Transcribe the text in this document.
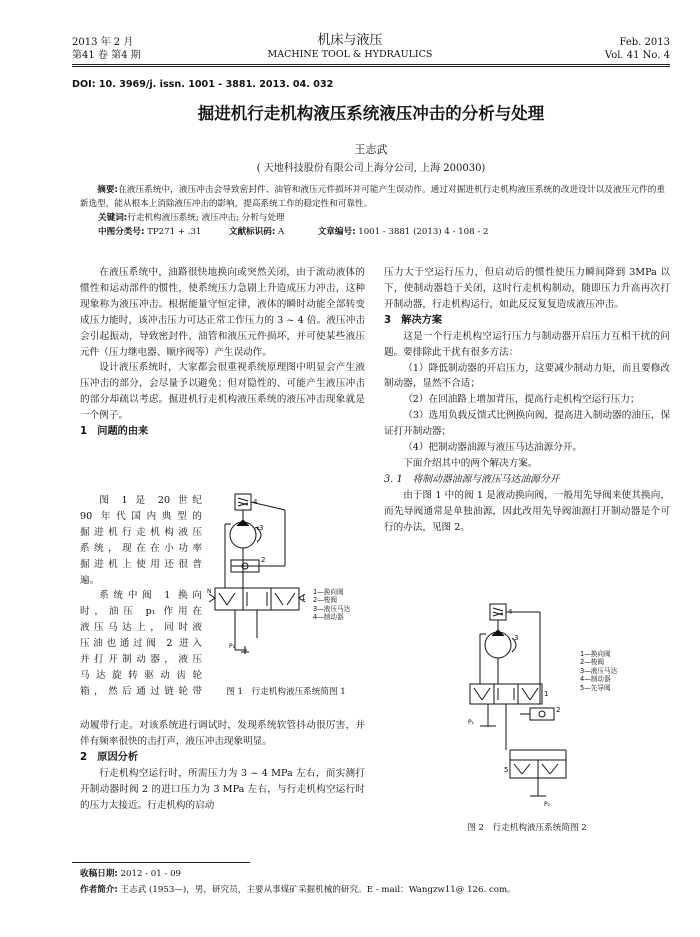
2013 年 2 月
第41 卷 第4 期
机床与液压
MACHINE TOOL & HYDRAULICS
Feb. 2013
Vol. 41 No. 4
DOI: 10. 3969/j. issn. 1001 - 3881. 2013. 04. 032
掘进机行走机构液压系统液压冲击的分析与处理
王志武
( 天地科技股份有限公司上海分公司, 上海 200030)
摘要:在液压系统中，液压冲击会导致密封件、油管和液压元件损坏并可能产生误动作。通过对掘进机行走机构液压系统的改进设计以及液压元件的重新选型，能从根本上消除液压冲击的影响，提高系统工作的稳定性和可靠性。
关键词:行走机构液压系统; 液压冲击; 分析与处理
中图分类号: TP271 + .31	文献标识码: A	文章编号: 1001 - 3881 (2013) 4 - 108 - 2

在液压系统中，油路很快地换向或突然关闭，由于流动液体的惯性和运动部件的惯性，使系统压力急剧上升造成压力冲击，这种现象称为液压冲击。根据能量守恒定律，液体的瞬时动能全部转变成压力能时，该冲击压力可达正常工作压力的 3 ~ 4 倍。液压冲击会引起振动，导致密封件、油管和液压元件损坏，并可使某些液压元件（压力继电器、顺序阀等）产生误动作。

设计液压系统时，大家都会很重视系统原理图中明显会产生液压冲击的部分，会尽量予以避免；但对隐性的、可能产生液压冲击的部分却疏以考虑。掘进机行走机构液压系统的液压冲击现象就是一个例子。

1　问题的由来
图 1 是 20 世纪
90 年代国内典型的
掘进机行走机构液压
系统，现在在小功率
掘进机上使用还很普
遍。
系统中阀 1 换向
时，油压 p₁ 作用在
液压马达上，同时液
压油也通过阀 2 进入
并打开制动器，液压
马达旋转驱动齿轮
箱，然后通过链轮带

动履带行走。对该系统进行调试时，发现系统软管抖动很厉害，并伴有频率很快的击打声，液压冲击现象明显。

2　原因分析

行走机构空运行时，所需压力为 3 ~ 4 MPa 左右，而实测打开制动器时阀 2 的进口压力为 3 MPa 左右，与行走机构空运行时的压力太接近。行走机构的启动

4
3
2
1
N
P₁
1—换向阀
2—梭阀
3—液压马达
4—制动器
图 1　行走机构液压系统简图 1

压力大于空运行压力，但启动后的惯性使压力瞬间降到 3MPa 以下，使制动器趋于关闭，这时行走机构制动，随即压力升高再次打开制动器，行走机构运行，如此反反复复造成液压冲击。

3　解决方案

这是一个行走机构空运行压力与制动器开启压力互相干扰的问题。要排除此干扰有很多方法：

（1）降低制动器的开启压力，这要减少制动力矩，而且要修改制动器，显然不合适；

（2）在回油路上增加背压，提高行走机构空运行压力；

（3）选用负载反馈式比例换向阀，提高进入制动器的油压，保证打开制动器；

（4）把制动器油源与液压马达油源分开。

下面介绍其中的两个解决方案。

3. 1　将制动器油源与液压马达油源分开

由于图 1 中的阀 1 是液动换向阀，一般用先导阀来使其换向，而先导阀通常是单独油源，因此改用先导阀油源打开制动器是个可行的办法，见图 2。

4
3
2
1
5
P₁
P₂
1—换向阀
2—梭阀
3—液压马达
4—制动器
5—先导阀
图 2　行走机构液压系统简图 2
收稿日期: 2012 - 01 - 09
作者简介: 王志武 (1953—)，男，研究员，主要从事煤矿采掘机械的研究。E - mail：Wangzw11@ 126. com。
